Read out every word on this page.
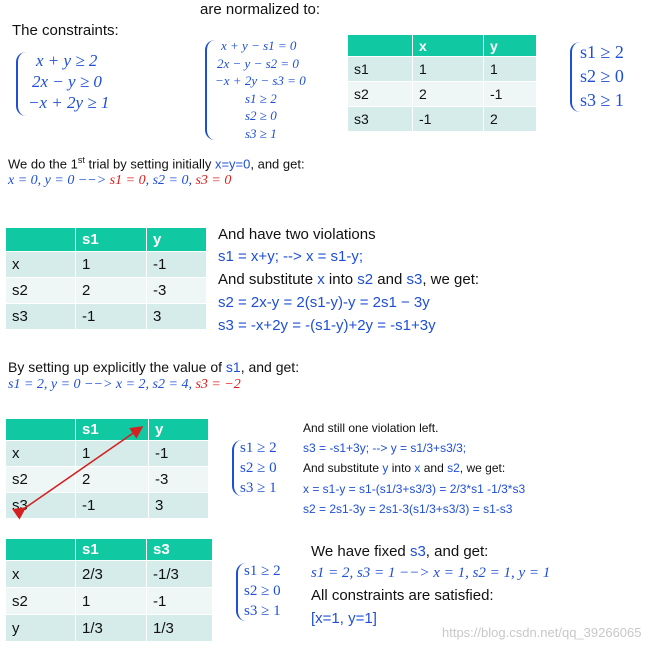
The constraints:
are normalized to:
x + y ≥ 2
2x − y ≥ 0
−x + 2y ≥ 1
x + y − s1 = 0
2x − y − s2 = 0
−x + 2y − s3 = 0
s1 ≥ 2
s2 ≥ 0
s3 ≥ 1
	x	y
s1	1	1
s2	2	-1
s3	-1	2
s1 ≥ 2
s2 ≥ 0
s3 ≥ 1
We do the 1st trial by setting initially x=y=0, and get:
x = 0, y = 0 −−> s1 = 0, s2 = 0, s3 = 0
	s1	y
x	1	-1
s2	2	-3
s3	-1	3
And have two violations
s1 = x+y; --> x = s1-y;
And substitute x into s2 and s3, we get:
s2 = 2x-y = 2(s1-y)-y = 2s1 − 3y
s3 = -x+2y = -(s1-y)+2y = -s1+3y
By setting up explicitly the value of s1, and get:
s1 = 2, y = 0 −−> x = 2, s2 = 4, s3 = −2
	s1	y
x	1	-1
s2	2	-3
s3	-1	3
s1 ≥ 2
s2 ≥ 0
s3 ≥ 1
And still one violation left.
s3 = -s1+3y; --> y = s1/3+s3/3;
And substitute y into x and s2, we get:
x = s1-y = s1-(s1/3+s3/3) = 2/3*s1 -1/3*s3
s2 = 2s1-3y = 2s1-3(s1/3+s3/3) = s1-s3
	s1	s3
x	2/3	-1/3
s2	1	-1
y	1/3	1/3
s1 ≥ 2
s2 ≥ 0
s3 ≥ 1
We have fixed s3, and get:
s1 = 2, s3 = 1 −−> x = 1, s2 = 1, y = 1
All constraints are satisfied:
[x=1, y=1]
https://blog.csdn.net/qq_39266065
